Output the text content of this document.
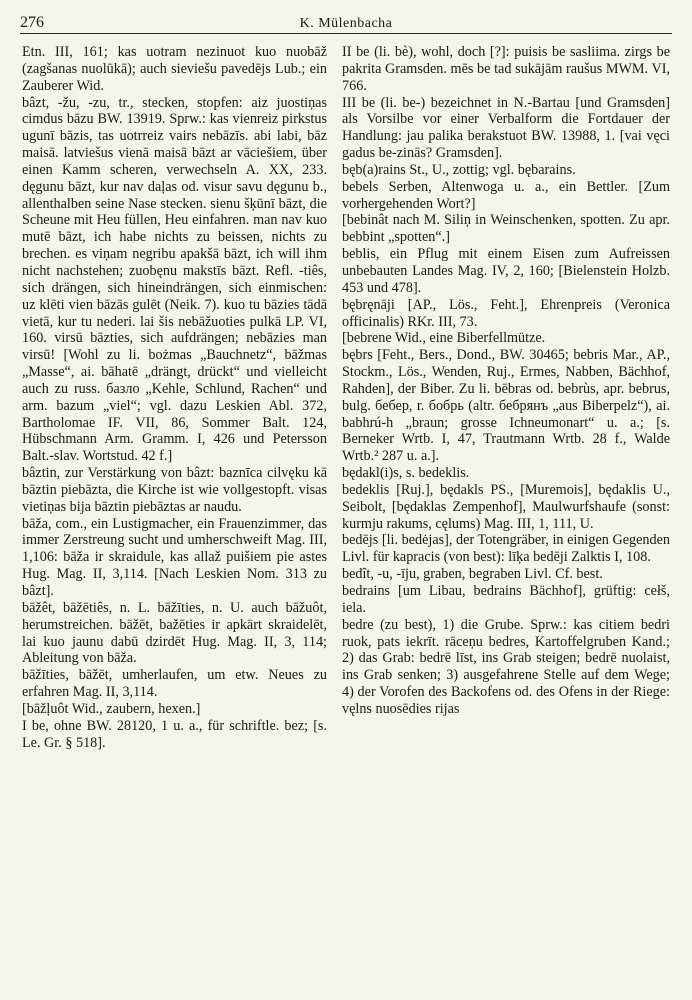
276	K. Mülenbacha

Etn. III, 161; kas uotram nezinuot kuo nuobāž (zagšanas nuolūkā); auch sieviešu pavedējs Lub.; ein Zauberer Wid.

bâzt, -žu, -zu, tr., stecken, stopfen: aiz juostiņas cimdus bāzu BW. 13919. Sprw.: kas vienreiz pirkstus ugunī bāzis, tas uotrreiz vairs nebāzīs. abi labi, bāz maisā. latviešus vienā maisā bāzt ar vāciešiem, über einen Kamm scheren, verwechseln A. XX, 233. dęgunu bāzt, kur nav daļas od. visur savu dęgunu b., allenthalben seine Nase stecken. sienu šķūnī bāzt, die Scheune mit Heu füllen, Heu einfahren. man nav kuo mutē bāzt, ich habe nichts zu beissen, nichts zu brechen. es viņam negribu apakšā bāzt, ich will ihm nicht nachstehen; zuobęnu makstīs bāzt. Refl. -tiês, sich drängen, sich hineindrängen, sich einmischen: uz klēti vien bāzās gulēt (Neik. 7). kuo tu bāzies tādā vietā, kur tu nederi. lai šis nebāžuoties pulkā LP. VI, 160. virsū bāzties, sich aufdrängen; nebāzies man virsū! [Wohl zu li. bożmas „Bauchnetz“, bāžmas „Masse“, ai. bāhatē „drängt, drückt“ und vielleicht auch zu russ. базло „Kehle, Schlund, Rachen“ und arm. bazum „viel“; vgl. dazu Leskien Abl. 372, Bartholomae IF. VII, 86, Sommer Balt. 124, Hübschmann Arm. Gramm. I, 426 und Petersson Balt.-slav. Wortstud. 42 f.]

bâztin, zur Verstärkung von bâzt: baznīca cilvęku kā bāztin piebāzta, die Kirche ist wie vollgestopft. visas vietiņas bija bāztin piebāztas ar naudu.

bāža, com., ein Lustigmacher, ein Frauenzimmer, das immer Zerstreung sucht und umherschweift Mag. III, 1,106: bāža ir skraidule, kas allaž puišiem pie astes Hug. Mag. II, 3,114. [Nach Leskien Nom. 313 zu bâzt].

bāžêt, bāžētiês, n. L. bāžīties, n. U. auch bāžuôt, herumstreichen. bāžēt, bažēties ir apkārt skraidelēt, lai kuo jaunu dabū dzirdēt Hug. Mag. II, 3, 114; Ableitung von bāža.

bāžīties, bāžēt, umherlaufen, um etw. Neues zu erfahren Mag. II, 3,114.

[bāžļuôt Wid., zaubern, hexen.]

I be, ohne BW. 28120, 1 u. a., für schriftle. bez; [s. Le. Gr. § 518].

II be (li. bè), wohl, doch [?]: puisis be sasliima. zirgs be pakrita Gramsden. mēs be tad sukājām raušus MWM. VI, 766.

III be (li. be-) bezeichnet in N.-Bartau [und Gramsden] als Vorsilbe vor einer Verbalform die Fortdauer der Handlung: jau palika berakstuot BW. 13988, 1. [vai vęci gadus be-zinās? Gramsden].

bęb(a)rains St., U., zottig; vgl. bębarains.

bebels Serben, Altenwoga u. a., ein Bettler. [Zum vorhergehenden Wort?]

[bebinât nach M. Siliņ in Weinschenken, spotten. Zu apr. bebbint „spotten“.]

beblis, ein Pflug mit einem Eisen zum Aufreissen unbebauten Landes Mag. IV, 2, 160; [Bielenstein Holzb. 453 und 478].

bębręnāji [AP., Lös., Feht.], Ehrenpreis (Veronica officinalis) RKr. III, 73.

[bebrene Wid., eine Biberfellmütze.

bębrs [Feht., Bers., Dond., BW. 30465; bebris Mar., AP., Stockm., Lös., Wenden, Ruj., Ermes, Nabben, Bächhof, Rahden], der Biber. Zu li. bēbras od. bebrùs, apr. bebrus, bulg. бебер, r. бобрь (altr. бебрянъ „aus Biberpelz“), ai. babhrú-h „braun; grosse Ichneumonart“ u. a.; [s. Berneker Wrtb. I, 47, Trautmann Wrtb. 28 f., Walde Wrtb.² 287 u. a.].

będakl(i)s, s. bedeklis.

bedeklis [Ruj.], będakls PS., [Muremois], będaklis U., Seibolt, [będaklas Zempenhof], Maulwurfshaufe (sonst: kurmju rakums, cęlums) Mag. III, 1, 111, U.

bedējs [li. bedėjas], der Totengräber, in einigen Gegenden Livl. für kapracis (von best): līķa bedēji Zalktis I, 108.

bedît, -u, -īju, graben, begraben Livl. Cf. best.

bedrains [um Libau, bedrains Bächhof], grüftig: cełš, iela.

bedre (zu best), 1) die Grube. Sprw.: kas citiem bedri ruok, pats iekrīt. rāceņu bedres, Kartoffelgruben Kand.; 2) das Grab: bedrē līst, ins Grab steigen; bedrē nuolaist, ins Grab senken; 3) ausgefahrene Stelle auf dem Wege; 4) der Vorofen des Backofens od. des Ofens in der Riege: vęlns nuosēdies rijas
